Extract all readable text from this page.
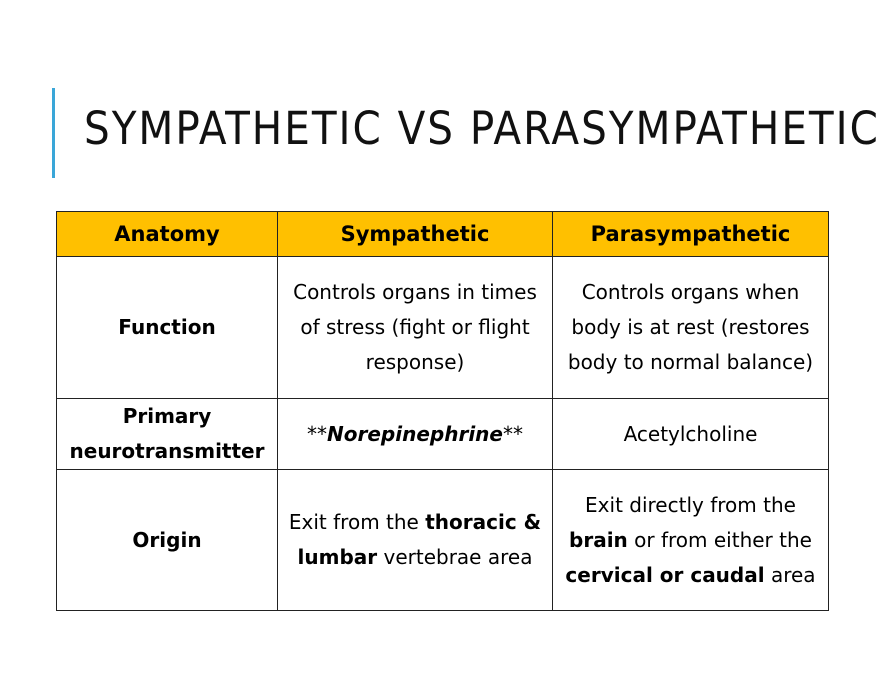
SYMPATHETIC VS PARASYMPATHETIC
Anatomy	Sympathetic	Parasympathetic
Function	Controls organs in times of stress (fight or flight response)	Controls organs when body is at rest (restores body to normal balance)
Primary neurotransmitter	**Norepinephrine**	Acetylcholine
Origin	Exit from the thoracic & lumbar vertebrae area	Exit directly from the brain or from either the cervical or caudal area
